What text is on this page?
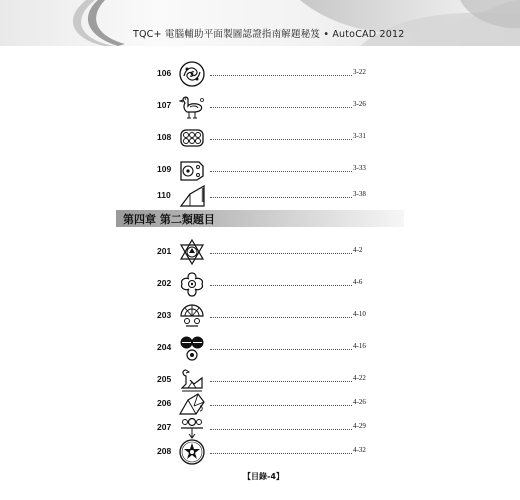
TQC+ 電腦輔助平面製圖認證指南解題秘笈 • AutoCAD 2012
106	3-22
107	3-26
108	3-31
109	3-33
110	3-38
第四章 第二類題目
201	4-2
202	4-6
203	4-10
204	4-16
205	4-22
206	4-26
207	4-29
208	4-32
【目錄-4】
